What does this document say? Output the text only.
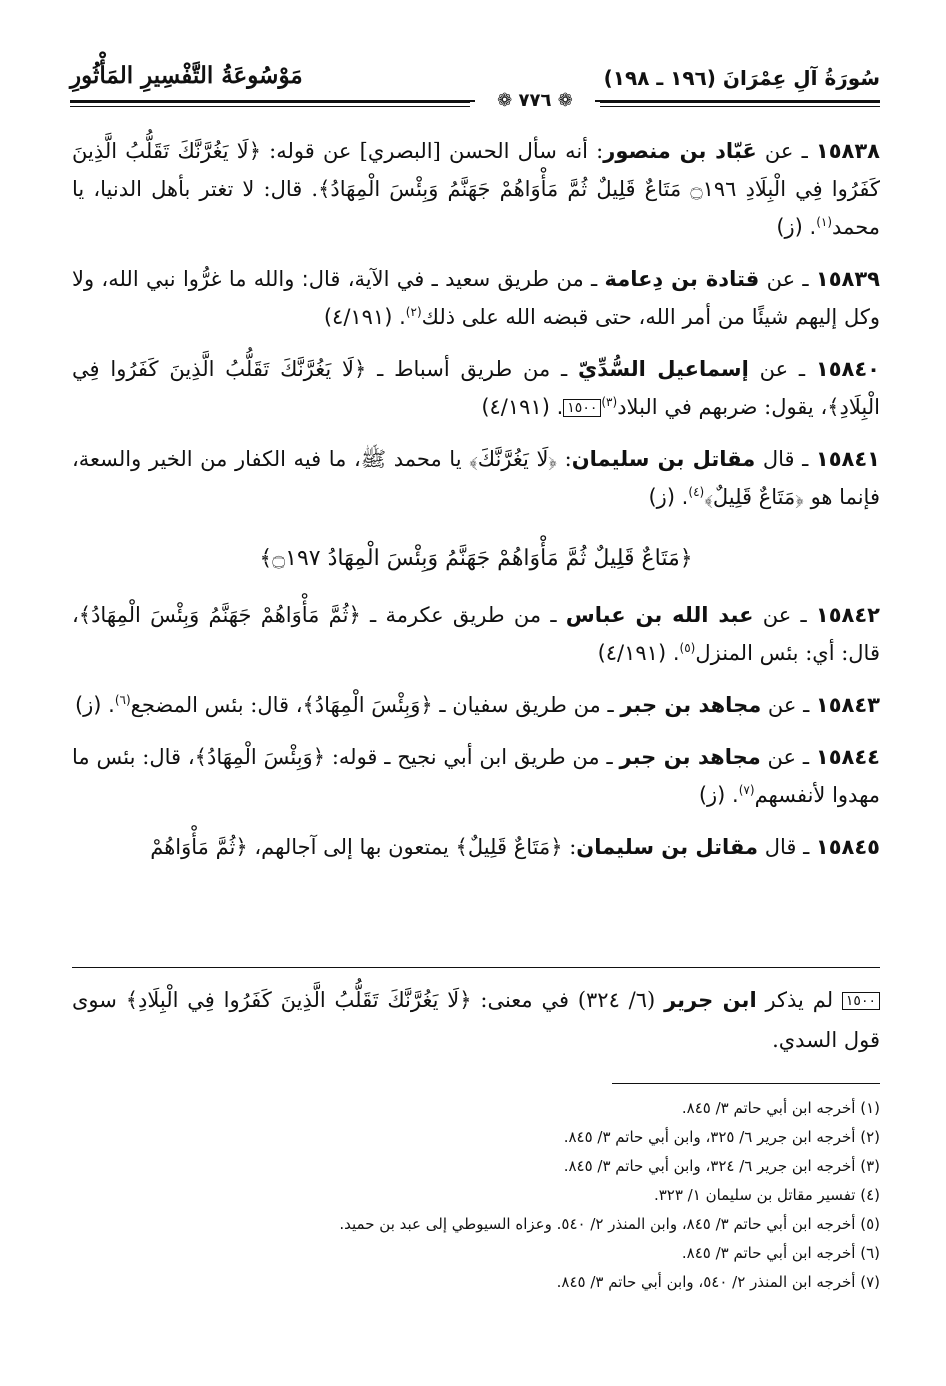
سُورَةُ آلِ عِمْرَانَ (١٩٦ ـ ١٩٨)
مَوْسُوعَةُ التَّفْسِيرِ المَأْثُورِ
❁ ٧٧٦ ❁

١٥٨٣٨ ـ عن عَبّاد بن منصور: أنه سأل الحسن [البصري] عن قوله: ﴿لَا يَغُرَّنَّكَ تَقَلُّبُ الَّذِينَ كَفَرُوا فِي الْبِلَادِ ۝١٩٦ مَتَاعٌ قَلِيلٌ ثُمَّ مَأْوَاهُمْ جَهَنَّمُ وَبِئْسَ الْمِهَادُ﴾. قال: لا تغتر بأهل الدنيا، يا محمد$^{(١)}$. (ز)

١٥٨٣٩ ـ عن قتادة بن دِعامة ـ من طريق سعيد ـ في الآية، قال: والله ما غرُّوا نبي الله، ولا وكل إليهم شيئًا من أمر الله، حتى قبضه الله على ذلك$^{(٢)}$. (٤/١٩١)

١٥٨٤٠ ـ عن إسماعيل السُّدِّيّ ـ من طريق أسباط ـ ﴿لَا يَغُرَّنَّكَ تَقَلُّبُ الَّذِينَ كَفَرُوا فِي الْبِلَادِ﴾، يقول: ضربهم في البلاد$^{(٣)}$١٥٠٠. (٤/١٩١)

١٥٨٤١ ـ قال مقاتل بن سليمان: ﴿لَا يَغُرَّنَّكَ﴾ يا محمد ﷺ، ما فيه الكفار من الخير والسعة، فإنما هو ﴿مَتَاعٌ قَلِيلٌ﴾$^{(٤)}$. (ز)

﴿مَتَاعٌ قَلِيلٌ ثُمَّ مَأْوَاهُمْ جَهَنَّمُ وَبِئْسَ الْمِهَادُ ۝١٩٧﴾

١٥٨٤٢ ـ عن عبد الله بن عباس ـ من طريق عكرمة ـ ﴿ثُمَّ مَأْوَاهُمْ جَهَنَّمُ وَبِئْسَ الْمِهَادُ﴾، قال: أي: بئس المنزل$^{(٥)}$. (٤/١٩١)

١٥٨٤٣ ـ عن مجاهد بن جبر ـ من طريق سفيان ـ ﴿وَبِئْسَ الْمِهَادُ﴾، قال: بئس المضجع$^{(٦)}$. (ز)

١٥٨٤٤ ـ عن مجاهد بن جبر ـ من طريق ابن أبي نجيح ـ قوله: ﴿وَبِئْسَ الْمِهَادُ﴾، قال: بئس ما مهدوا لأنفسهم$^{(٧)}$. (ز)

١٥٨٤٥ ـ قال مقاتل بن سليمان: ﴿مَتَاعٌ قَلِيلٌ﴾ يمتعون بها إلى آجالهم، ﴿ثُمَّ مَأْوَاهُمْ

١٥٠٠ لم يذكر ابن جرير (٦/ ٣٢٤) في معنى: ﴿لَا يَغُرَّنَّكَ تَقَلُّبُ الَّذِينَ كَفَرُوا فِي الْبِلَادِ﴾ سوى قول السدي.
(١) أخرجه ابن أبي حاتم ٣/ ٨٤٥.
(٢) أخرجه ابن جرير ٦/ ٣٢٥، وابن أبي حاتم ٣/ ٨٤٥.
(٣) أخرجه ابن جرير ٦/ ٣٢٤، وابن أبي حاتم ٣/ ٨٤٥.
(٤) تفسير مقاتل بن سليمان ١/ ٣٢٣.
(٥) أخرجه ابن أبي حاتم ٣/ ٨٤٥، وابن المنذر ٢/ ٥٤٠. وعزاه السيوطي إلى عبد بن حميد.
(٦) أخرجه ابن أبي حاتم ٣/ ٨٤٥.
(٧) أخرجه ابن المنذر ٢/ ٥٤٠، وابن أبي حاتم ٣/ ٨٤٥.
